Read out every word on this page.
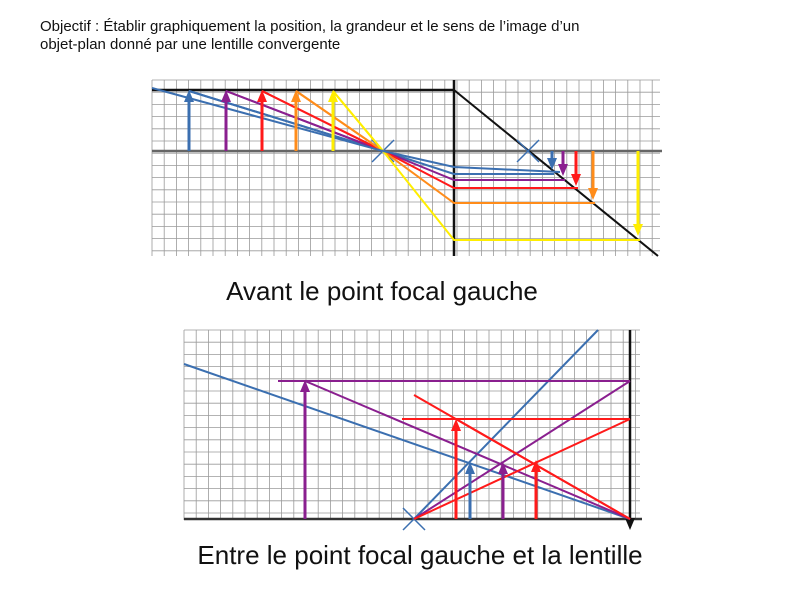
Objectif : Établir graphiquement la position, la grandeur et le sens de l’image d’un objet-plan donné par une lentille convergente
Avant le point focal gauche
Entre le point focal gauche et la lentille
